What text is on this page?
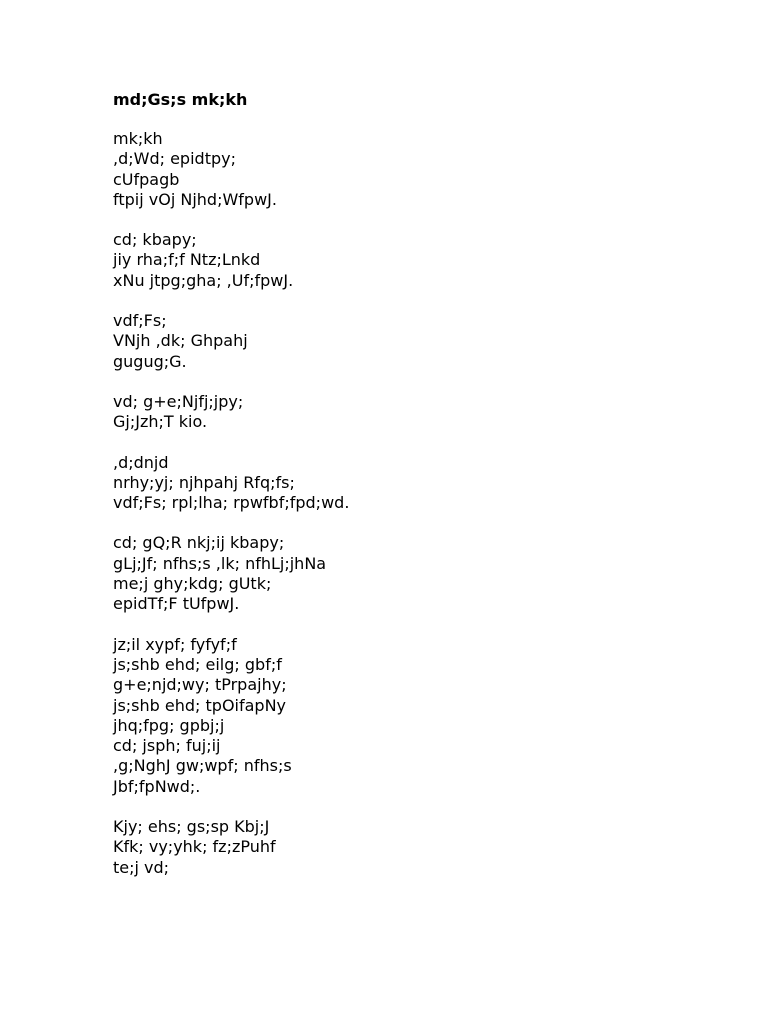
md;Gs;s mk;kh
mk;kh
,d;Wd; epidtpy;
cUfpagb
ftpij vOj Njhd;WfpwJ.
cd; kbapy;
jiy rha;f;f Ntz;Lnkd
xNu jtpg;gha; ,Uf;fpwJ.
vdf;Fs;
VNjh ,dk; Ghpahj
gugug;G.
vd; g+e;Njfj;jpy;
Gj;Jzh;T kio.
,d;dnjd
nrhy;yj; njhpahj Rfq;fs;
vdf;Fs; rpl;lha; rpwfbf;fpd;wd.
cd; gQ;R nkj;ij kbapy;
gLj;Jf; nfhs;s ,lk; nfhLj;jhNa
me;j ghy;kdg; gUtk;
epidTf;F tUfpwJ.
jz;il xypf; fyfyf;f
js;shb ehd; eilg; gbf;f
g+e;njd;wy; tPrpajhy;
js;shb ehd; tpOifapNy
jhq;fpg; gpbj;j
cd; jsph; fuj;ij
,g;NghJ gw;wpf; nfhs;s
Jbf;fpNwd;.
Kjy; ehs; gs;sp Kbj;J
Kfk; vy;yhk; fz;zPuhf
te;j vd;
